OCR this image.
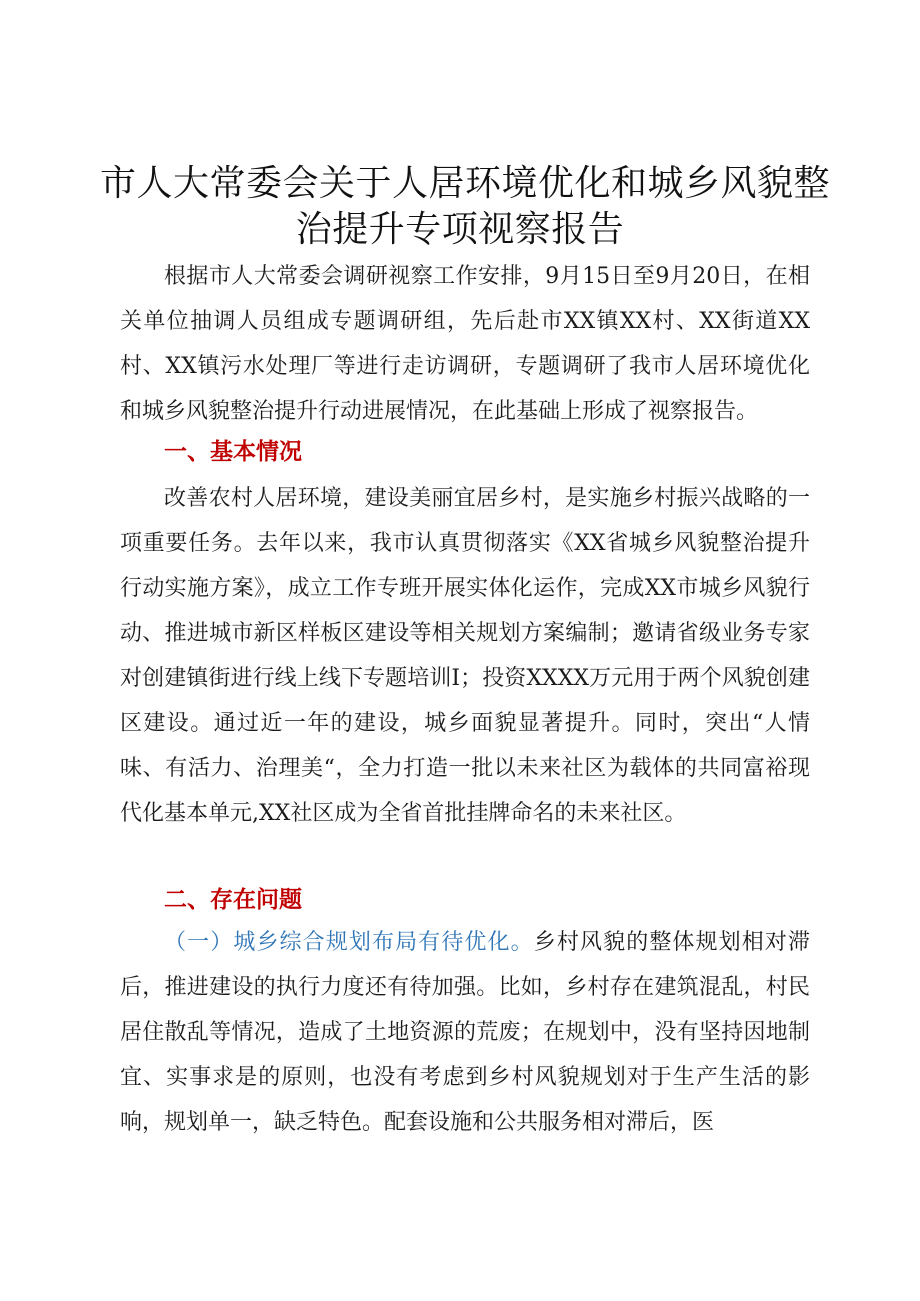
市人大常委会关于人居环境优化和城乡风貌整
治提升专项视察报告

根据市人大常委会调研视察工作安排，9月15日至9月20日，在相关单位抽调人员组成专题调研组，先后赴市XX镇XX村、XX街道XX村、XX镇污水处理厂等进行走访调研，专题调研了我市人居环境优化和城乡风貌整治提升行动进展情况，在此基础上形成了视察报告。

一、基本情况

改善农村人居环境，建设美丽宜居乡村，是实施乡村振兴战略的一项重要任务。去年以来，我市认真贯彻落实《XX省城乡风貌整治提升行动实施方案》，成立工作专班开展实体化运作，完成XX市城乡风貌行动、推进城市新区样板区建设等相关规划方案编制；邀请省级业务专家对创建镇街进行线上线下专题培训I；投资XXXX万元用于两个风貌创建区建设。通过近一年的建设，城乡面貌显著提升。同时，突出“人情味、有活力、治理美“，全力打造一批以未来社区为载体的共同富裕现代化基本单元,XX社区成为全省首批挂牌命名的未来社区。

二、存在问题

（一）城乡综合规划布局有待优化。乡村风貌的整体规划相对滞后，推进建设的执行力度还有待加强。比如，乡村存在建筑混乱，村民居住散乱等情况，造成了土地资源的荒废；在规划中，没有坚持因地制宜、实事求是的原则，也没有考虑到乡村风貌规划对于生产生活的影响，规划单一，缺乏特色。配套设施和公共服务相对滞后，医
